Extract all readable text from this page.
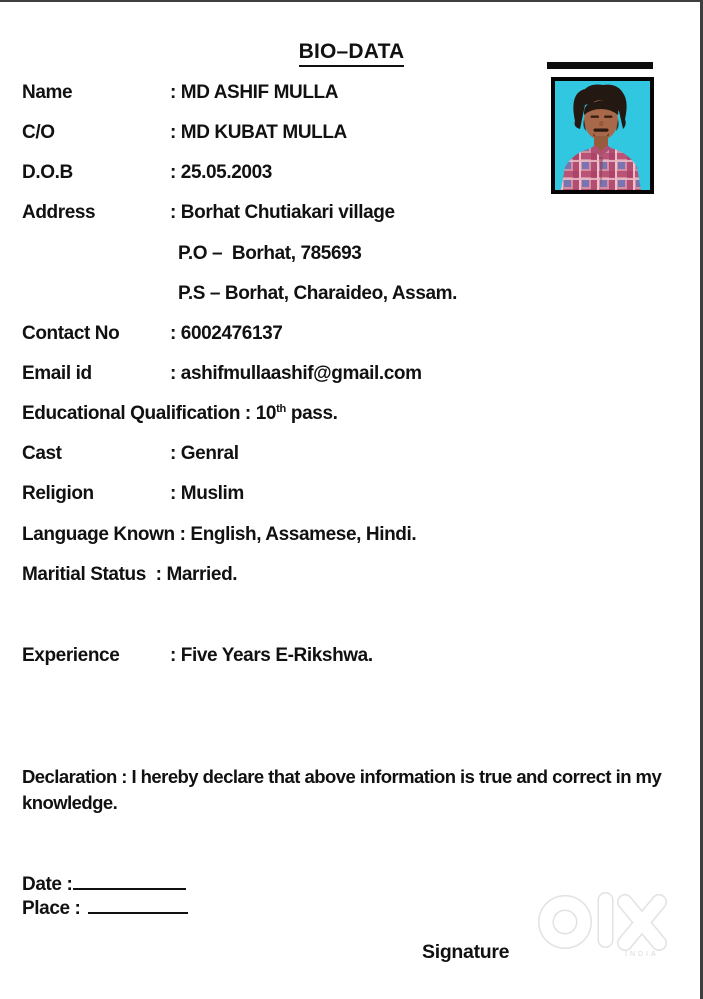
BIO–DATA
Name	: MD ASHIF MULLA
C/O	: MD KUBAT MULLA
D.O.B	: 25.05.2003
Address	: Borhat Chutiakari village
P.O –  Borhat, 785693
P.S – Borhat, Charaideo, Assam.
Contact No	: 6002476137
Email id	: ashifmullaashif@gmail.com
Educational Qualification : 10th pass.
Cast	: Genral
Religion	: Muslim
Language Known : English, Assamese, Hindi.
Maritial Status : Married.
Experience	: Five Years E-Rikshwa.
Declaration : I hereby declare that above information is true and correct in my
knowledge.
Date :
Place :
Signature	INDIA
